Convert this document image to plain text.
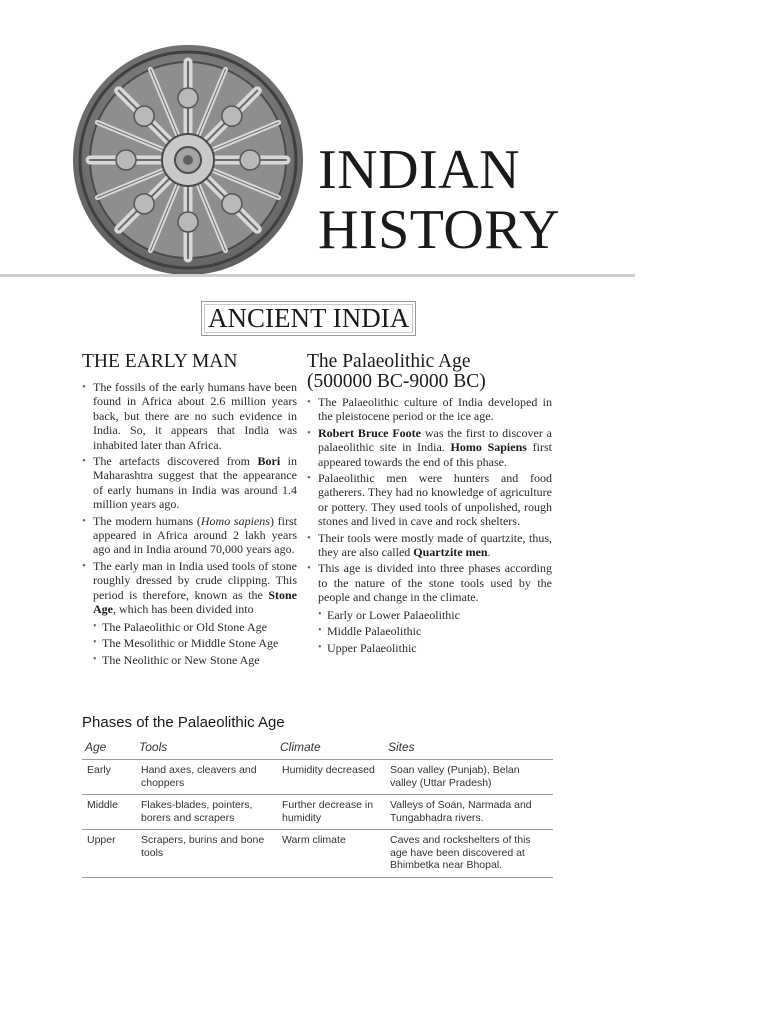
INDIAN
HISTORY
ANCIENT INDIA
THE EARLY MAN
• The fossils of the early humans have been found in Africa about 2.6 million years back, but there are no such evidence in India. So, it appears that India was inhabited later than Africa.
• The artefacts discovered from Bori in Maharashtra suggest that the appearance of early humans in India was around 1.4 million years ago.
• The modern humans (Homo sapiens) first appeared in Africa around 2 lakh years ago and in India around 70,000 years ago.
• The early man in India used tools of stone roughly dressed by crude clipping. This period is therefore, known as the Stone Age, which has been divided into
• The Palaeolithic or Old Stone Age
• The Mesolithic or Middle Stone Age
• The Neolithic or New Stone Age
The Palaeolithic Age
(500000 BC-9000 BC)
• The Palaeolithic culture of India developed in the pleistocene period or the ice age.
• Robert Bruce Foote was the first to discover a palaeolithic site in India. Homo Sapiens first appeared towards the end of this phase.
• Palaeolithic men were hunters and food gatherers. They had no knowledge of agriculture or pottery. They used tools of unpolished, rough stones and lived in cave and rock shelters.
• Their tools were mostly made of quartzite, thus, they are also called Quartzite men.
• This age is divided into three phases according to the nature of the stone tools used by the people and change in the climate.
• Early or Lower Palaeolithic
• Middle Palaeolithic
• Upper Palaeolithic
Phases of the Palaeolithic Age
Age	Tools	Climate	Sites
Early	Hand axes, cleavers and choppers	Humidity decreased	Soan valley (Punjab), Belan valley (Uttar Pradesh)
Middle	Flakes-blades, pointers, borers and scrapers	Further decrease in humidity	Valleys of Soan, Narmada and Tungabhadra rivers.
Upper	Scrapers, burins and bone tools	Warm climate	Caves and rockshelters of this age have been discovered at Bhimbetka near Bhopal.
